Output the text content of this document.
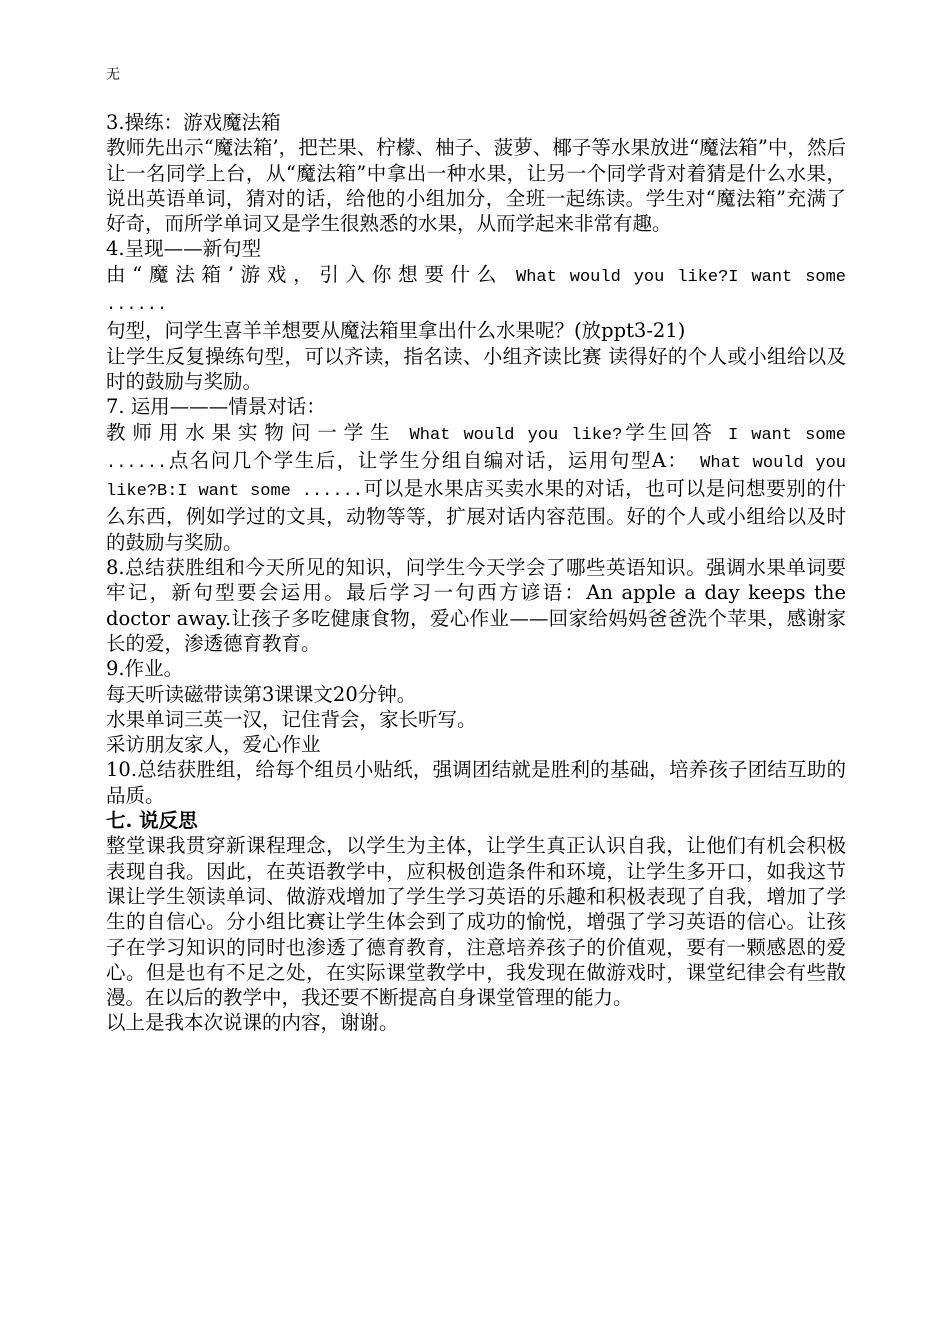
无

3.操练：游戏魔法箱

教师先出示“魔法箱’，把芒果、柠檬、柚子、菠萝、椰子等水果放进“魔法箱”中，然后让一名同学上台，从“魔法箱”中拿出一种水果，让另一个同学背对着猜是什么水果，说出英语单词，猜对的话，给他的小组加分，全班一起练读。学生对“魔法箱”充满了好奇，而所学单词又是学生很熟悉的水果，从而学起来非常有趣。

4.呈现——新句型

由“魔法箱’游戏，引入你想要什么 What would you like?I want some ......

句型，问学生喜羊羊想要从魔法箱里拿出什么水果呢？(放ppt3-21)

让学生反复操练句型，可以齐读，指名读、小组齐读比赛 读得好的个人或小组给以及时的鼓励与奖励。

7. 运用———情景对话：

教师用水果实物问一学生 What would you like?学生回答 I want some ......点名问几个学生后，让学生分组自编对话，运用句型A： What would you like?B:I want some ......可以是水果店买卖水果的对话，也可以是问想要别的什么东西，例如学过的文具，动物等等，扩展对话内容范围。好的个人或小组给以及时的鼓励与奖励。

8.总结获胜组和今天所见的知识，问学生今天学会了哪些英语知识。强调水果单词要牢记，新句型要会运用。最后学习一句西方谚语：An apple a day keeps the doctor away.让孩子多吃健康食物，爱心作业——回家给妈妈爸爸洗个苹果，感谢家长的爱，渗透德育教育。

9.作业。

每天听读磁带读第3课课文20分钟。

水果单词三英一汉，记住背会，家长听写。

采访朋友家人，爱心作业

10.总结获胜组，给每个组员小贴纸，强调团结就是胜利的基础，培养孩子团结互助的品质。

七. 说反思

整堂课我贯穿新课程理念，以学生为主体，让学生真正认识自我，让他们有机会积极表现自我。因此，在英语教学中，应积极创造条件和环境，让学生多开口，如我这节课让学生领读单词、做游戏增加了学生学习英语的乐趣和积极表现了自我，增加了学生的自信心。分小组比赛让学生体会到了成功的愉悦，增强了学习英语的信心。让孩子在学习知识的同时也渗透了德育教育，注意培养孩子的价值观，要有一颗感恩的爱心。但是也有不足之处，在实际课堂教学中，我发现在做游戏时，课堂纪律会有些散漫。在以后的教学中，我还要不断提高自身课堂管理的能力。

以上是我本次说课的内容，谢谢。
